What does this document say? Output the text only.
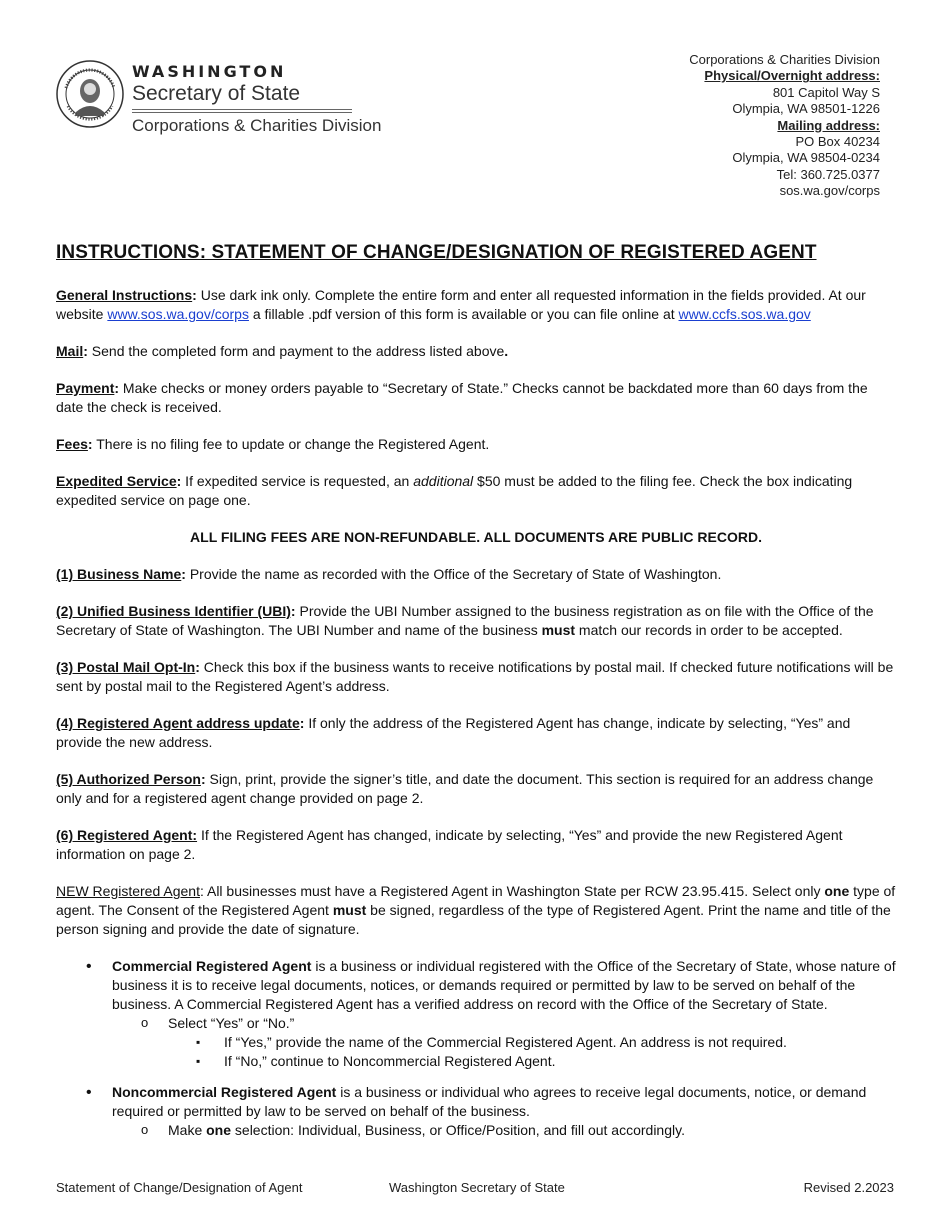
WASHINGTON
Secretary of State
Corporations & Charities Division
Corporations & Charities Division
Physical/Overnight address:
801 Capitol Way S
Olympia, WA 98501-1226
Mailing address:
PO Box 40234
Olympia, WA 98504-0234
Tel: 360.725.0377
sos.wa.gov/corps
INSTRUCTIONS: STATEMENT OF CHANGE/DESIGNATION OF REGISTERED AGENT

General Instructions: Use dark ink only. Complete the entire form and enter all requested information in the fields provided. At our website www.sos.wa.gov/corps a fillable .pdf version of this form is available or you can file online at www.ccfs.sos.wa.gov

Mail: Send the completed form and payment to the address listed above.

Payment: Make checks or money orders payable to “Secretary of State.” Checks cannot be backdated more than 60 days from the date the check is received.

Fees: There is no filing fee to update or change the Registered Agent.

Expedited Service: If expedited service is requested, an additional $50 must be added to the filing fee. Check the box indicating expedited service on page one.

ALL FILING FEES ARE NON-REFUNDABLE. ALL DOCUMENTS ARE PUBLIC RECORD.

(1) Business Name: Provide the name as recorded with the Office of the Secretary of State of Washington.

(2) Unified Business Identifier (UBI): Provide the UBI Number assigned to the business registration as on file with the Office of the Secretary of State of Washington. The UBI Number and name of the business must match our records in order to be accepted.

(3) Postal Mail Opt-In: Check this box if the business wants to receive notifications by postal mail. If checked future notifications will be sent by postal mail to the Registered Agent’s address.

(4) Registered Agent address update: If only the address of the Registered Agent has change, indicate by selecting, “Yes” and provide the new address.

(5) Authorized Person: Sign, print, provide the signer’s title, and date the document. This section is required for an address change only and for a registered agent change provided on page 2.

(6) Registered Agent: If the Registered Agent has changed, indicate by selecting, “Yes” and provide the new Registered Agent information on page 2.

NEW Registered Agent: All businesses must have a Registered Agent in Washington State per RCW 23.95.415. Select only one type of agent. The Consent of the Registered Agent must be signed, regardless of the type of Registered Agent. Print the name and title of the person signing and provide the date of signature.

• Commercial Registered Agent is a business or individual registered with the Office of the Secretary of State, whose nature of business it is to receive legal documents, notices, or demands required or permitted by law to be served on behalf of the business. A Commercial Registered Agent has a verified address on record with the Office of the Secretary of State.
o Select “Yes” or “No.”
▪ If “Yes,” provide the name of the Commercial Registered Agent. An address is not required.
▪ If “No,” continue to Noncommercial Registered Agent.
• Noncommercial Registered Agent is a business or individual who agrees to receive legal documents, notice, or demand required or permitted by law to be served on behalf of the business.
o Make one selection: Individual, Business, or Office/Position, and fill out accordingly.
Statement of Change/Designation of Agent	Washington Secretary of State	Revised 2.2023
